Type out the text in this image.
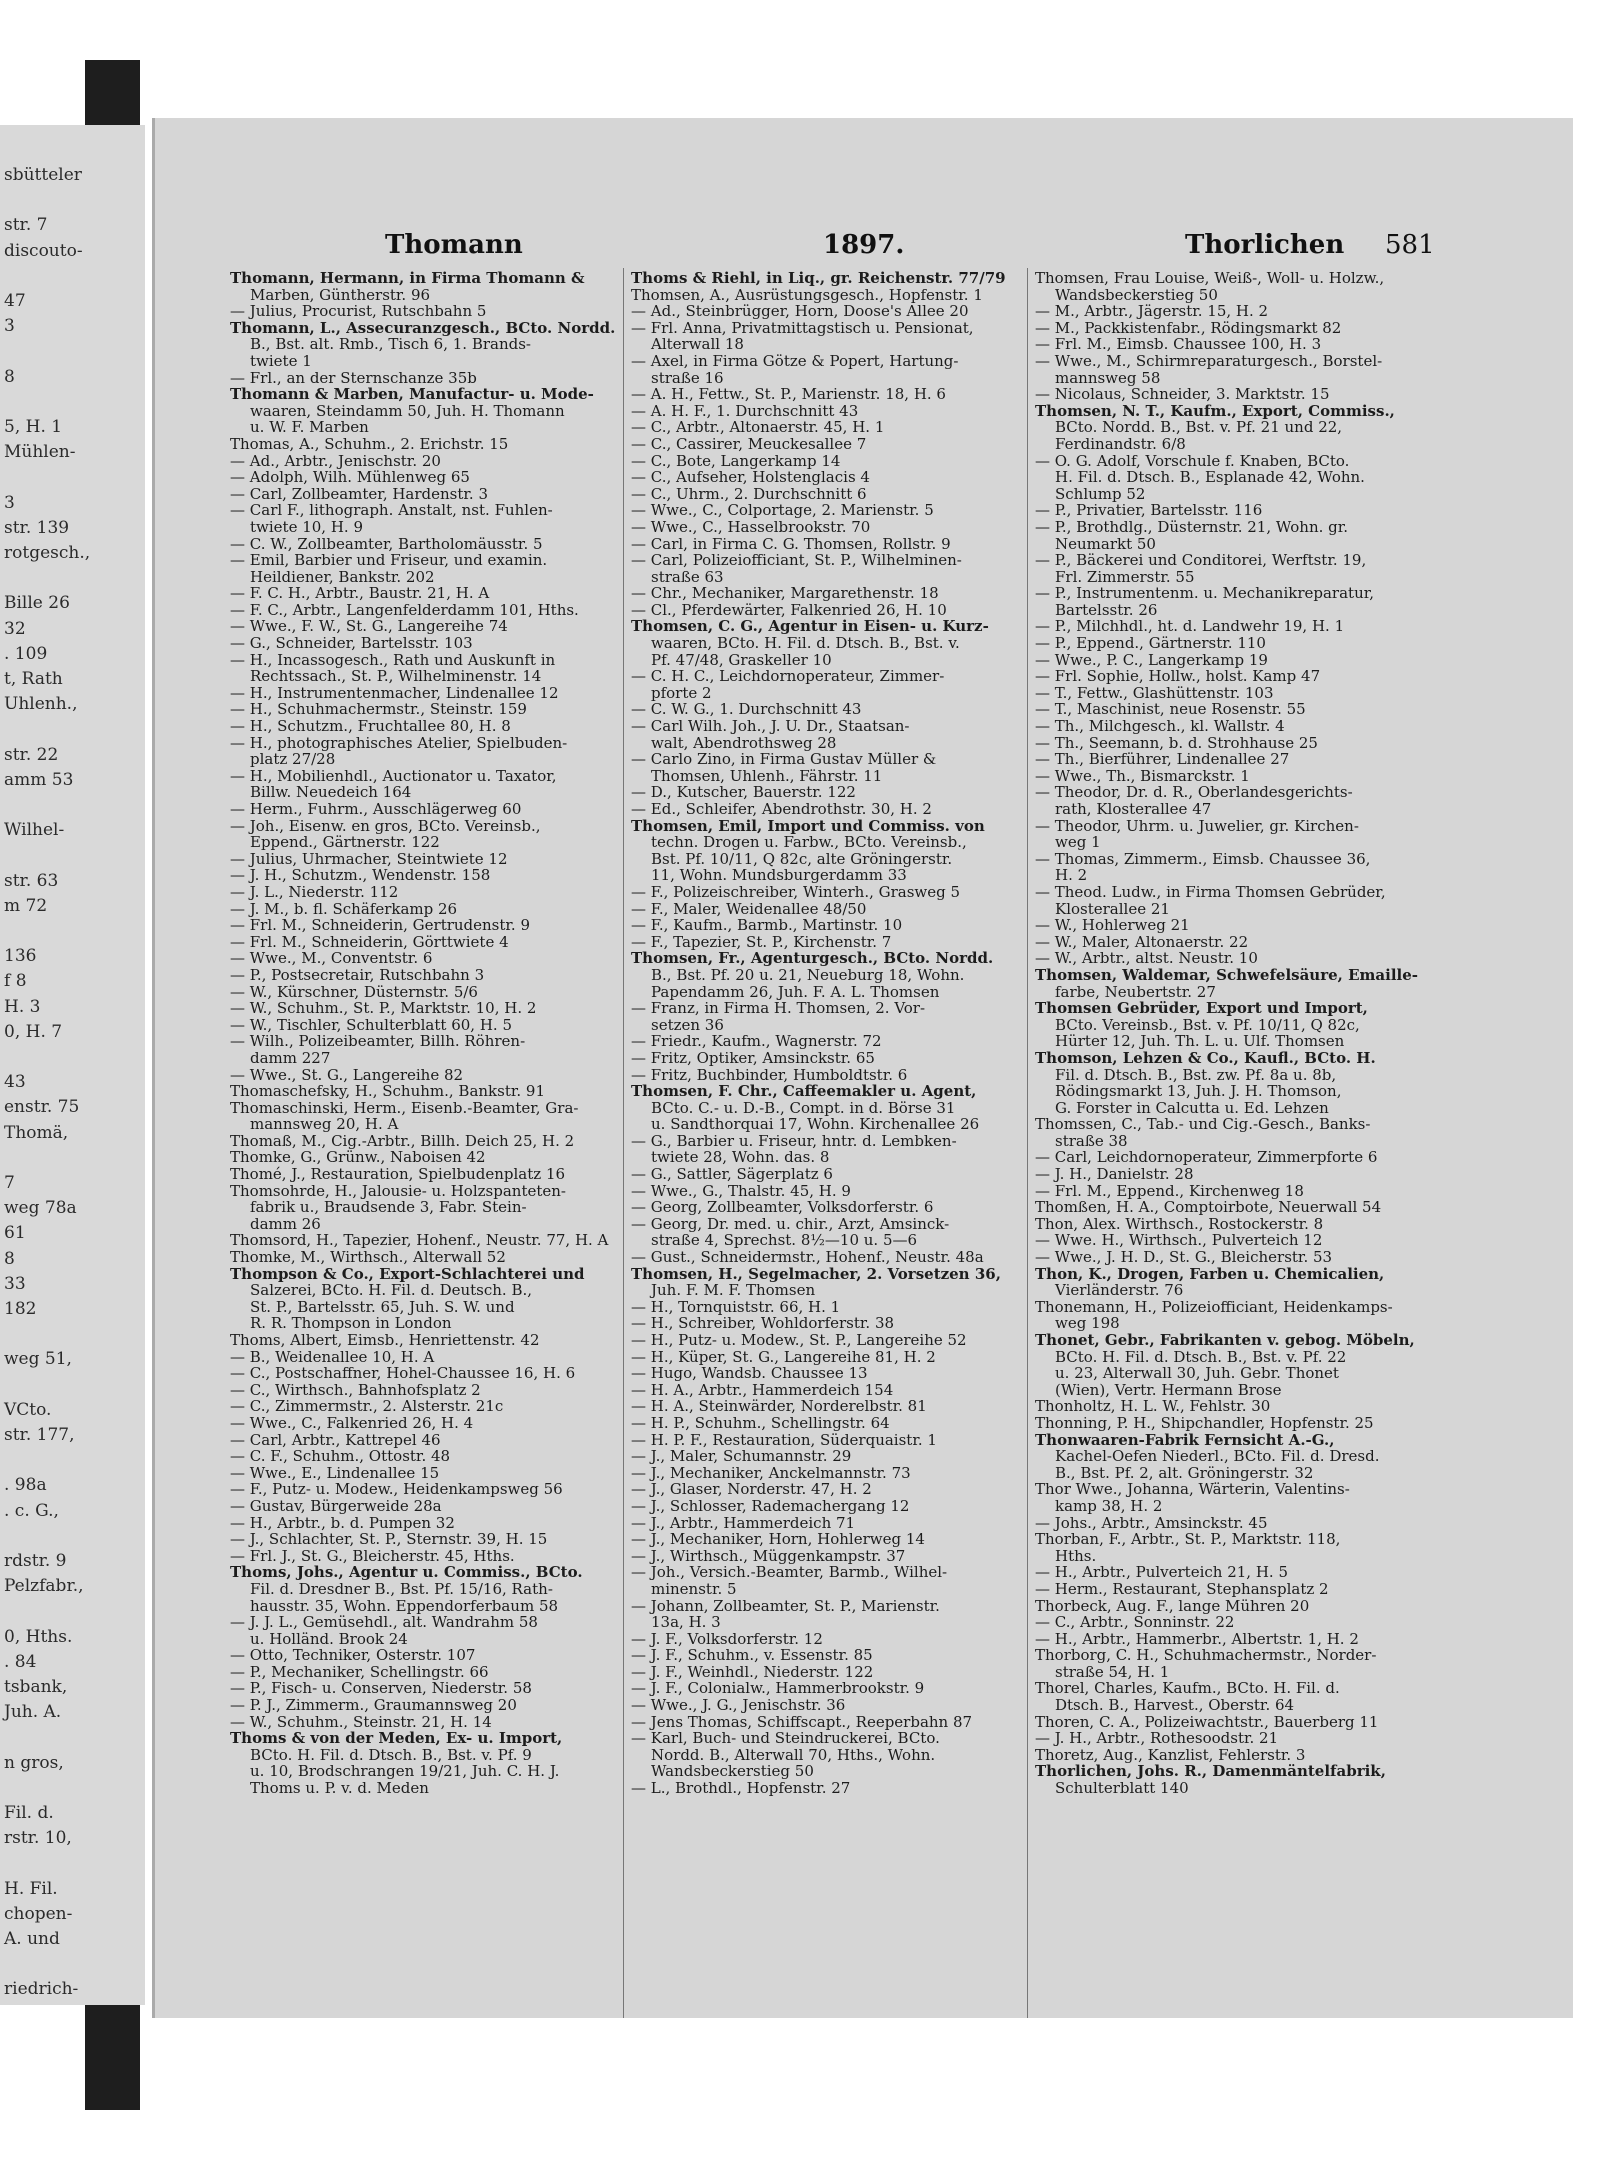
sbütteler
str. 7
discouto-
47
3
8
5, H. 1
Mühlen-
3
str. 139
rotgesch.,
Bille 26
32
. 109
t, Rath
Uhlenh.,
str. 22
amm 53
Wilhel-
str. 63
m 72
136
f 8
H. 3
0, H. 7
43
enstr. 75
Thomä,
7
weg 78a
61
8
33
182
weg 51,
VCto.
str. 177,
. 98a
. c. G.,
rdstr. 9
Pelzfabr.,
0, Hths.
. 84
tsbank,
Juh. A.
n gros,
Fil. d.
rstr. 10,
H. Fil.
chopen-
A. und
riedrich-
Thomann	1897.	Thorlichen 581
Thomann, Hermann, in Firma Thomann &
Marben, Güntherstr. 96
— Julius, Procurist, Rutschbahn 5
Thomann, L., Assecuranzgesch., BCto. Nordd.
B., Bst. alt. Rmb., Tisch 6, 1. Brands-
twiete 1
— Frl., an der Sternschanze 35b
Thomann & Marben, Manufactur- u. Mode-
waaren, Steindamm 50, Juh. H. Thomann
u. W. F. Marben
Thomas, A., Schuhm., 2. Erichstr. 15
— Ad., Arbtr., Jenischstr. 20
— Adolph, Wilh. Mühlenweg 65
— Carl, Zollbeamter, Hardenstr. 3
— Carl F., lithograph. Anstalt, nst. Fuhlen-
twiete 10, H. 9
— C. W., Zollbeamter, Bartholomäusstr. 5
— Emil, Barbier und Friseur, und examin.
Heildiener, Bankstr. 202
— F. C. H., Arbtr., Baustr. 21, H. A
— F. C., Arbtr., Langenfelderdamm 101, Hths.
— Wwe., F. W., St. G., Langereihe 74
— G., Schneider, Bartelsstr. 103
— H., Incassogesch., Rath und Auskunft in
Rechtssach., St. P., Wilhelminenstr. 14
— H., Instrumentenmacher, Lindenallee 12
— H., Schuhmachermstr., Steinstr. 159
— H., Schutzm., Fruchtallee 80, H. 8
— H., photographisches Atelier, Spielbuden-
platz 27/28
— H., Mobilienhdl., Auctionator u. Taxator,
Billw. Neuedeich 164
— Herm., Fuhrm., Ausschlägerweg 60
— Joh., Eisenw. en gros, BCto. Vereinsb.,
Eppend., Gärtnerstr. 122
— Julius, Uhrmacher, Steintwiete 12
— J. H., Schutzm., Wendenstr. 158
— J. L., Niederstr. 112
— J. M., b. fl. Schäferkamp 26
— Frl. M., Schneiderin, Gertrudenstr. 9
— Frl. M., Schneiderin, Görttwiete 4
— Wwe., M., Conventstr. 6
— P., Postsecretair, Rutschbahn 3
— W., Kürschner, Düsternstr. 5/6
— W., Schuhm., St. P., Marktstr. 10, H. 2
— W., Tischler, Schulterblatt 60, H. 5
— Wilh., Polizeibeamter, Billh. Röhren-
damm 227
— Wwe., St. G., Langereihe 82
Thomaschefsky, H., Schuhm., Bankstr. 91
Thomaschinski, Herm., Eisenb.-Beamter, Gra-
mannsweg 20, H. A
Thomaß, M., Cig.-Arbtr., Billh. Deich 25, H. 2
Thomke, G., Grünw., Naboisen 42
Thomé, J., Restauration, Spielbudenplatz 16
Thomsohrde, H., Jalousie- u. Holzspanteten-
fabrik u., Braudsende 3, Fabr. Stein-
damm 26
Thomsord, H., Tapezier, Hohenf., Neustr. 77, H. A
Thomke, M., Wirthsch., Alterwall 52
Thompson & Co., Export-Schlachterei und
Salzerei, BCto. H. Fil. d. Deutsch. B.,
St. P., Bartelsstr. 65, Juh. S. W. und
R. R. Thompson in London
Thoms, Albert, Eimsb., Henriettenstr. 42
— B., Weidenallee 10, H. A
— C., Postschaffner, Hohel-Chaussee 16, H. 6
— C., Wirthsch., Bahnhofsplatz 2
— C., Zimmermstr., 2. Alsterstr. 21c
— Wwe., C., Falkenried 26, H. 4
— Carl, Arbtr., Kattrepel 46
— C. F., Schuhm., Ottostr. 48
— Wwe., E., Lindenallee 15
— F., Putz- u. Modew., Heidenkampsweg 56
— Gustav, Bürgerweide 28a
— H., Arbtr., b. d. Pumpen 32
— J., Schlachter, St. P., Sternstr. 39, H. 15
— Frl. J., St. G., Bleicherstr. 45, Hths.
Thoms, Johs., Agentur u. Commiss., BCto.
Fil. d. Dresdner B., Bst. Pf. 15/16, Rath-
hausstr. 35, Wohn. Eppendorferbaum 58
— J. J. L., Gemüsehdl., alt. Wandrahm 58
u. Holländ. Brook 24
— Otto, Techniker, Osterstr. 107
— P., Mechaniker, Schellingstr. 66
— P., Fisch- u. Conserven, Niederstr. 58
— P. J., Zimmerm., Graumannsweg 20
— W., Schuhm., Steinstr. 21, H. 14
Thoms & von der Meden, Ex- u. Import,
BCto. H. Fil. d. Dtsch. B., Bst. v. Pf. 9
u. 10, Brodschrangen 19/21, Juh. C. H. J.
Thoms u. P. v. d. Meden
Thoms & Riehl, in Liq., gr. Reichenstr. 77/79
Thomsen, A., Ausrüstungsgesch., Hopfenstr. 1
— Ad., Steinbrügger, Horn, Doose's Allee 20
— Frl. Anna, Privatmittagstisch u. Pensionat,
Alterwall 18
— Axel, in Firma Götze & Popert, Hartung-
straße 16
— A. H., Fettw., St. P., Marienstr. 18, H. 6
— A. H. F., 1. Durchschnitt 43
— C., Arbtr., Altonaerstr. 45, H. 1
— C., Cassirer, Meuckesallee 7
— C., Bote, Langerkamp 14
— C., Aufseher, Holstenglacis 4
— C., Uhrm., 2. Durchschnitt 6
— Wwe., C., Colportage, 2. Marienstr. 5
— Wwe., C., Hasselbrookstr. 70
— Carl, in Firma C. G. Thomsen, Rollstr. 9
— Carl, Polizeiofficiant, St. P., Wilhelminen-
straße 63
— Chr., Mechaniker, Margarethenstr. 18
— Cl., Pferdewärter, Falkenried 26, H. 10
Thomsen, C. G., Agentur in Eisen- u. Kurz-
waaren, BCto. H. Fil. d. Dtsch. B., Bst. v.
Pf. 47/48, Graskeller 10
— C. H. C., Leichdornoperateur, Zimmer-
pforte 2
— C. W. G., 1. Durchschnitt 43
— Carl Wilh. Joh., J. U. Dr., Staatsan-
walt, Abendrothsweg 28
— Carlo Zino, in Firma Gustav Müller &
Thomsen, Uhlenh., Fährstr. 11
— D., Kutscher, Bauerstr. 122
— Ed., Schleifer, Abendrothstr. 30, H. 2
Thomsen, Emil, Import und Commiss. von
techn. Drogen u. Farbw., BCto. Vereinsb.,
Bst. Pf. 10/11, Q 82c, alte Gröningerstr.
11, Wohn. Mundsburgerdamm 33
— F., Polizeischreiber, Winterh., Grasweg 5
— F., Maler, Weidenallee 48/50
— F., Kaufm., Barmb., Martinstr. 10
— F., Tapezier, St. P., Kirchenstr. 7
Thomsen, Fr., Agenturgesch., BCto. Nordd.
B., Bst. Pf. 20 u. 21, Neueburg 18, Wohn.
Papendamm 26, Juh. F. A. L. Thomsen
— Franz, in Firma H. Thomsen, 2. Vor-
setzen 36
— Friedr., Kaufm., Wagnerstr. 72
— Fritz, Optiker, Amsinckstr. 65
— Fritz, Buchbinder, Humboldtstr. 6
Thomsen, F. Chr., Caffeemakler u. Agent,
BCto. C.- u. D.-B., Compt. in d. Börse 31
u. Sandthorquai 17, Wohn. Kirchenallee 26
— G., Barbier u. Friseur, hntr. d. Lembken-
twiete 28, Wohn. das. 8
— G., Sattler, Sägerplatz 6
— Wwe., G., Thalstr. 45, H. 9
— Georg, Zollbeamter, Volksdorferstr. 6
— Georg, Dr. med. u. chir., Arzt, Amsinck-
straße 4, Sprechst. 8½—10 u. 5—6
— Gust., Schneidermstr., Hohenf., Neustr. 48a
Thomsen, H., Segelmacher, 2. Vorsetzen 36,
Juh. F. M. F. Thomsen
— H., Tornquiststr. 66, H. 1
— H., Schreiber, Wohldorferstr. 38
— H., Putz- u. Modew., St. P., Langereihe 52
— H., Küper, St. G., Langereihe 81, H. 2
— Hugo, Wandsb. Chaussee 13
— H. A., Arbtr., Hammerdeich 154
— H. A., Steinwärder, Norderelbstr. 81
— H. P., Schuhm., Schellingstr. 64
— H. P. F., Restauration, Süderquaistr. 1
— J., Maler, Schumannstr. 29
— J., Mechaniker, Anckelmannstr. 73
— J., Glaser, Norderstr. 47, H. 2
— J., Schlosser, Rademachergang 12
— J., Arbtr., Hammerdeich 71
— J., Mechaniker, Horn, Hohlerweg 14
— J., Wirthsch., Müggenkampstr. 37
— Joh., Versich.-Beamter, Barmb., Wilhel-
minenstr. 5
— Johann, Zollbeamter, St. P., Marienstr.
13a, H. 3
— J. F., Volksdorferstr. 12
— J. F., Schuhm., v. Essenstr. 85
— J. F., Weinhdl., Niederstr. 122
— J. F., Colonialw., Hammerbrookstr. 9
— Wwe., J. G., Jenischstr. 36
— Jens Thomas, Schiffscapt., Reeperbahn 87
— Karl, Buch- und Steindruckerei, BCto.
Nordd. B., Alterwall 70, Hths., Wohn.
Wandsbeckerstieg 50
— L., Brothdl., Hopfenstr. 27
Thomsen, Frau Louise, Weiß-, Woll- u. Holzw.,
Wandsbeckerstieg 50
— M., Arbtr., Jägerstr. 15, H. 2
— M., Packkistenfabr., Rödingsmarkt 82
— Frl. M., Eimsb. Chaussee 100, H. 3
— Wwe., M., Schirmreparaturgesch., Borstel-
mannsweg 58
— Nicolaus, Schneider, 3. Marktstr. 15
Thomsen, N. T., Kaufm., Export, Commiss.,
BCto. Nordd. B., Bst. v. Pf. 21 und 22,
Ferdinandstr. 6/8
— O. G. Adolf, Vorschule f. Knaben, BCto.
H. Fil. d. Dtsch. B., Esplanade 42, Wohn.
Schlump 52
— P., Privatier, Bartelsstr. 116
— P., Brothdlg., Düsternstr. 21, Wohn. gr.
Neumarkt 50
— P., Bäckerei und Conditorei, Werftstr. 19,
Frl. Zimmerstr. 55
— P., Instrumentenm. u. Mechanikreparatur,
Bartelsstr. 26
— P., Milchhdl., ht. d. Landwehr 19, H. 1
— P., Eppend., Gärtnerstr. 110
— Wwe., P. C., Langerkamp 19
— Frl. Sophie, Hollw., holst. Kamp 47
— T., Fettw., Glashüttenstr. 103
— T., Maschinist, neue Rosenstr. 55
— Th., Milchgesch., kl. Wallstr. 4
— Th., Seemann, b. d. Strohhause 25
— Th., Bierführer, Lindenallee 27
— Wwe., Th., Bismarckstr. 1
— Theodor, Dr. d. R., Oberlandesgerichts-
rath, Klosterallee 47
— Theodor, Uhrm. u. Juwelier, gr. Kirchen-
weg 1
— Thomas, Zimmerm., Eimsb. Chaussee 36,
H. 2
— Theod. Ludw., in Firma Thomsen Gebrüder,
Klosterallee 21
— W., Hohlerweg 21
— W., Maler, Altonaerstr. 22
— W., Arbtr., altst. Neustr. 10
Thomsen, Waldemar, Schwefelsäure, Emaille-
farbe, Neubertstr. 27
Thomsen Gebrüder, Export und Import,
BCto. Vereinsb., Bst. v. Pf. 10/11, Q 82c,
Hürter 12, Juh. Th. L. u. Ulf. Thomsen
Thomson, Lehzen & Co., Kaufl., BCto. H.
Fil. d. Dtsch. B., Bst. zw. Pf. 8a u. 8b,
Rödingsmarkt 13, Juh. J. H. Thomson,
G. Forster in Calcutta u. Ed. Lehzen
Thomssen, C., Tab.- und Cig.-Gesch., Banks-
straße 38
— Carl, Leichdornoperateur, Zimmerpforte 6
— J. H., Danielstr. 28
— Frl. M., Eppend., Kirchenweg 18
Thomßen, H. A., Comptoirbote, Neuerwall 54
Thon, Alex. Wirthsch., Rostockerstr. 8
— Wwe. H., Wirthsch., Pulverteich 12
— Wwe., J. H. D., St. G., Bleicherstr. 53
Thon, K., Drogen, Farben u. Chemicalien,
Vierländerstr. 76
Thonemann, H., Polizeiofficiant, Heidenkamps-
weg 198
Thonet, Gebr., Fabrikanten v. gebog. Möbeln,
BCto. H. Fil. d. Dtsch. B., Bst. v. Pf. 22
u. 23, Alterwall 30, Juh. Gebr. Thonet
(Wien), Vertr. Hermann Brose
Thonholtz, H. L. W., Fehlstr. 30
Thonning, P. H., Shipchandler, Hopfenstr. 25
Thonwaaren-Fabrik Fernsicht A.-G.,
Kachel-Oefen Niederl., BCto. Fil. d. Dresd.
B., Bst. Pf. 2, alt. Gröningerstr. 32
Thor Wwe., Johanna, Wärterin, Valentins-
kamp 38, H. 2
— Johs., Arbtr., Amsinckstr. 45
Thorban, F., Arbtr., St. P., Marktstr. 118,
Hths.
— H., Arbtr., Pulverteich 21, H. 5
— Herm., Restaurant, Stephansplatz 2
Thorbeck, Aug. F., lange Mühren 20
— C., Arbtr., Sonninstr. 22
— H., Arbtr., Hammerbr., Albertstr. 1, H. 2
Thorborg, C. H., Schuhmachermstr., Norder-
straße 54, H. 1
Thorel, Charles, Kaufm., BCto. H. Fil. d.
Dtsch. B., Harvest., Oberstr. 64
Thoren, C. A., Polizeiwachtstr., Bauerberg 11
— J. H., Arbtr., Rothesoodstr. 21
Thoretz, Aug., Kanzlist, Fehlerstr. 3
Thorlichen, Johs. R., Damenmäntelfabrik,
Schulterblatt 140
